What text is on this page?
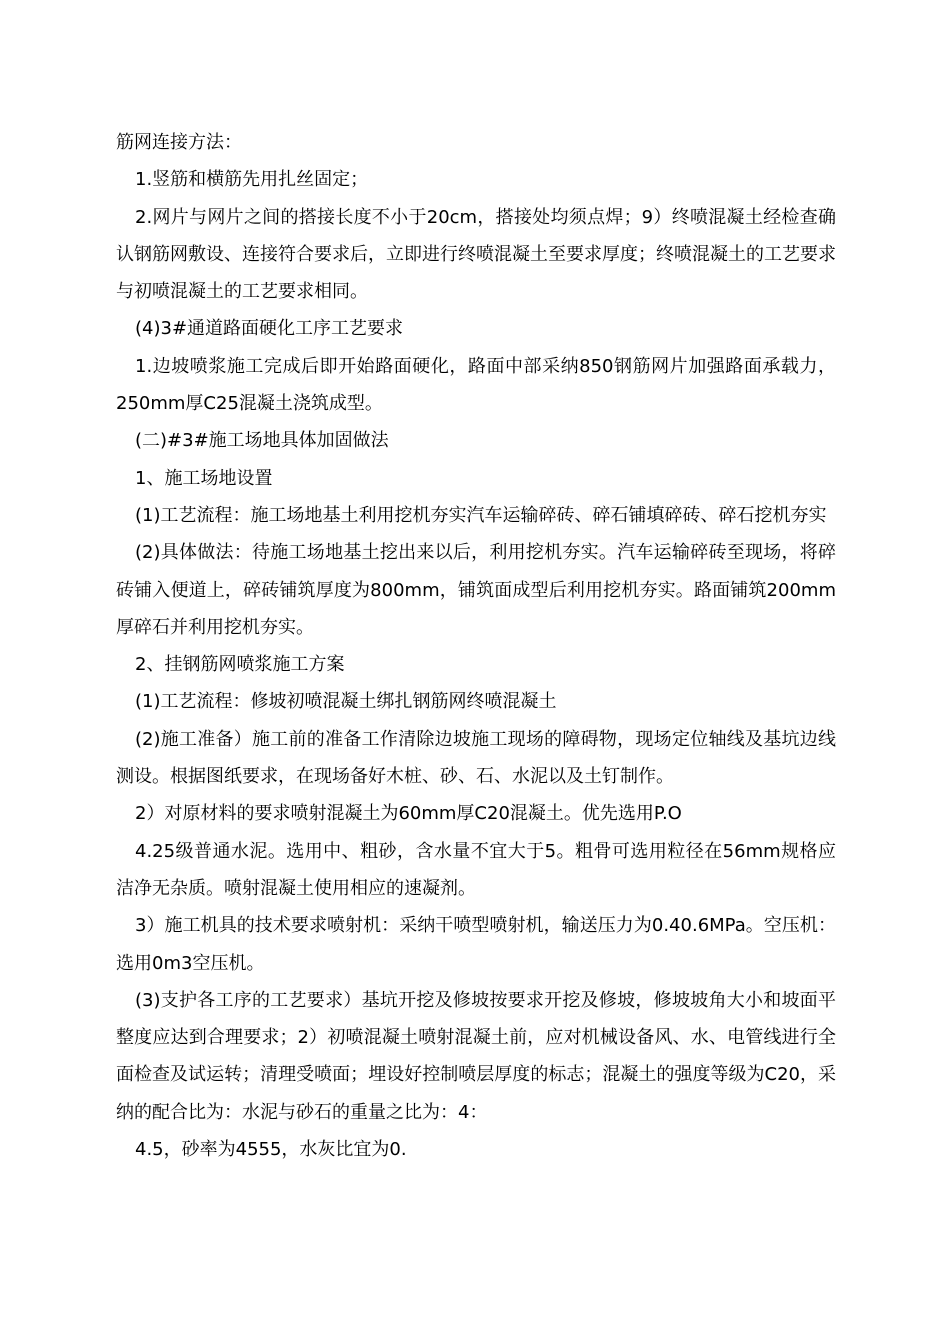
筋网连接方法：

1.竖筋和横筋先用扎丝固定；

2.网片与网片之间的搭接长度不小于20cm，搭接处均须点焊；9）终喷混凝土经检查确认钢筋网敷设、连接符合要求后，立即进行终喷混凝土至要求厚度；终喷混凝土的工艺要求与初喷混凝土的工艺要求相同。

(4)3#通道路面硬化工序工艺要求

1.边坡喷浆施工完成后即开始路面硬化，路面中部采纳850钢筋网片加强路面承载力，250mm厚C25混凝土浇筑成型。

(二)#3#施工场地具体加固做法

1、施工场地设置

(1)工艺流程：施工场地基土利用挖机夯实汽车运输碎砖、碎石铺填碎砖、碎石挖机夯实

(2)具体做法：待施工场地基土挖出来以后，利用挖机夯实。汽车运输碎砖至现场，将碎砖铺入便道上，碎砖铺筑厚度为800mm，铺筑面成型后利用挖机夯实。路面铺筑200mm厚碎石并利用挖机夯实。

2、挂钢筋网喷浆施工方案

(1)工艺流程：修坡初喷混凝土绑扎钢筋网终喷混凝土

(2)施工准备）施工前的准备工作清除边坡施工现场的障碍物，现场定位轴线及基坑边线测设。根据图纸要求，在现场备好木桩、砂、石、水泥以及土钉制作。

2）对原材料的要求喷射混凝土为60mm厚C20混凝土。优先选用P.O

4.25级普通水泥。选用中、粗砂，含水量不宜大于5。粗骨可选用粒径在56mm规格应洁净无杂质。喷射混凝土使用相应的速凝剂。

3）施工机具的技术要求喷射机：采纳干喷型喷射机，输送压力为0.40.6MPa。空压机：选用0m3空压机。

(3)支护各工序的工艺要求）基坑开挖及修坡按要求开挖及修坡，修坡坡角大小和坡面平整度应达到合理要求；2）初喷混凝土喷射混凝土前，应对机械设备风、水、电管线进行全面检查及试运转；清理受喷面；埋设好控制喷层厚度的标志；混凝土的强度等级为C20，采纳的配合比为：水泥与砂石的重量之比为：4：

4.5，砂率为4555，水灰比宜为0.
